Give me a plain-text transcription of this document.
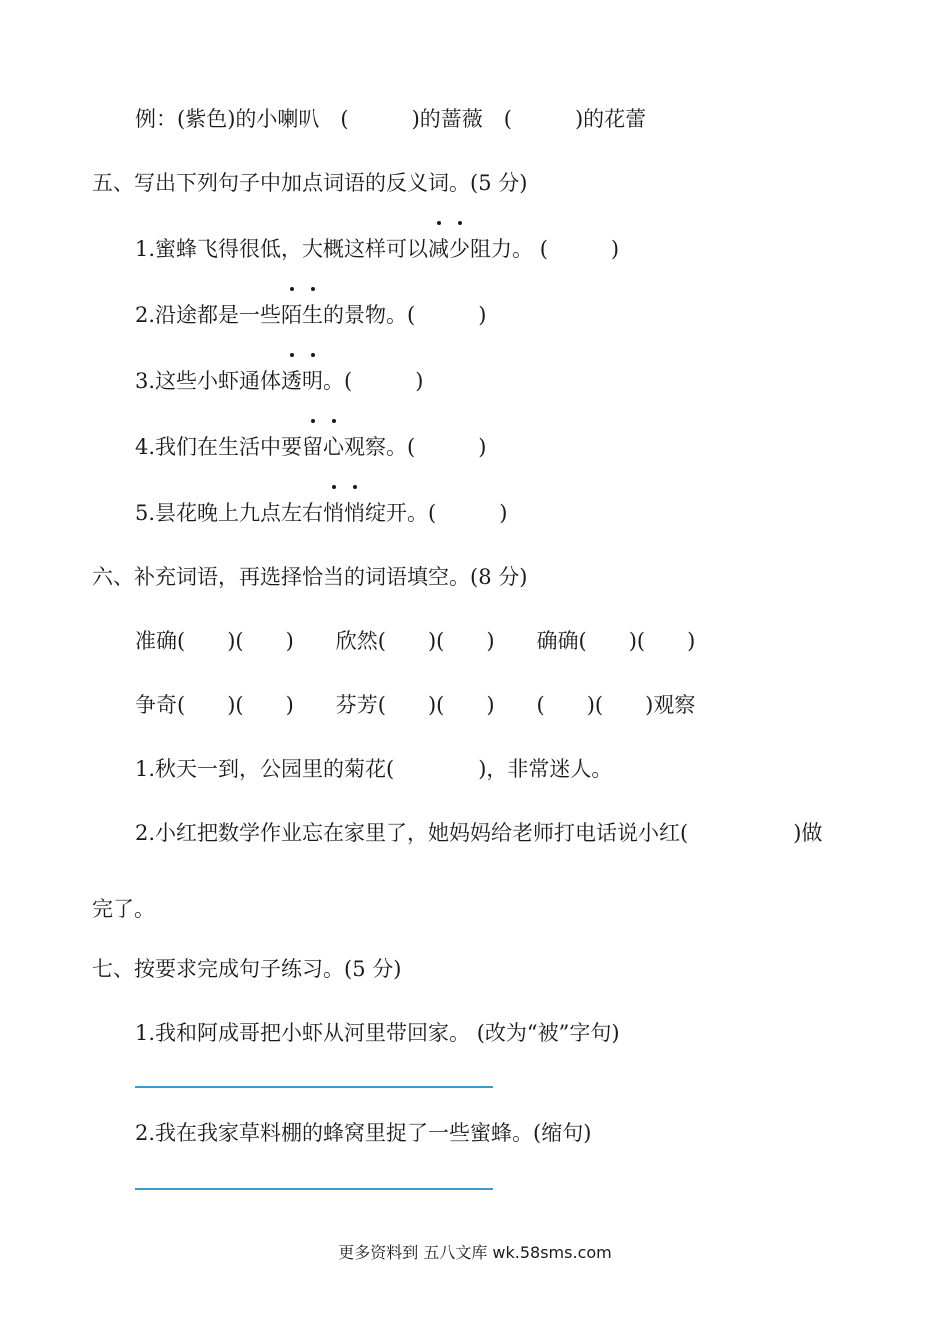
例：(紫色)的小喇叭　(　　　)的蔷薇　(　　　)的花蕾
五、写出下列句子中加点词语的反义词。(5 分)
1.蜜蜂飞得很低，大概这样可以
减少阻力。 (　　　)
2.沿途都是一些
陌生的景物。(　　　)
3.这些小虾通体
透明。(　　　)
4.我们在生活中要
留心观察。(　　　)
5.昙花晚上九点左右
悄悄绽开。(　　　)
六、补充词语，再选择恰当的词语填空。(8 分)
准确(　　)(　　)　　欣然(　　)(　　)　　确确(　　)(　　)
争奇(　　)(　　)　　芬芳(　　)(　　)　　(　　)(　　)观察
1.秋天一到，公园里的菊花(　　　　)，非常迷人。
2.小红把数学作业忘在家里了，她妈妈给老师打电话说小红(　　　　　)做
完了。
七、按要求完成句子练习。(5 分)
1.我和阿成哥把小虾从河里带回家。 (改为“被”字句)
2.我在我家草料棚的蜂窝里捉了一些蜜蜂。(缩句)
更多资料到 五八文库 wk.58sms.com
